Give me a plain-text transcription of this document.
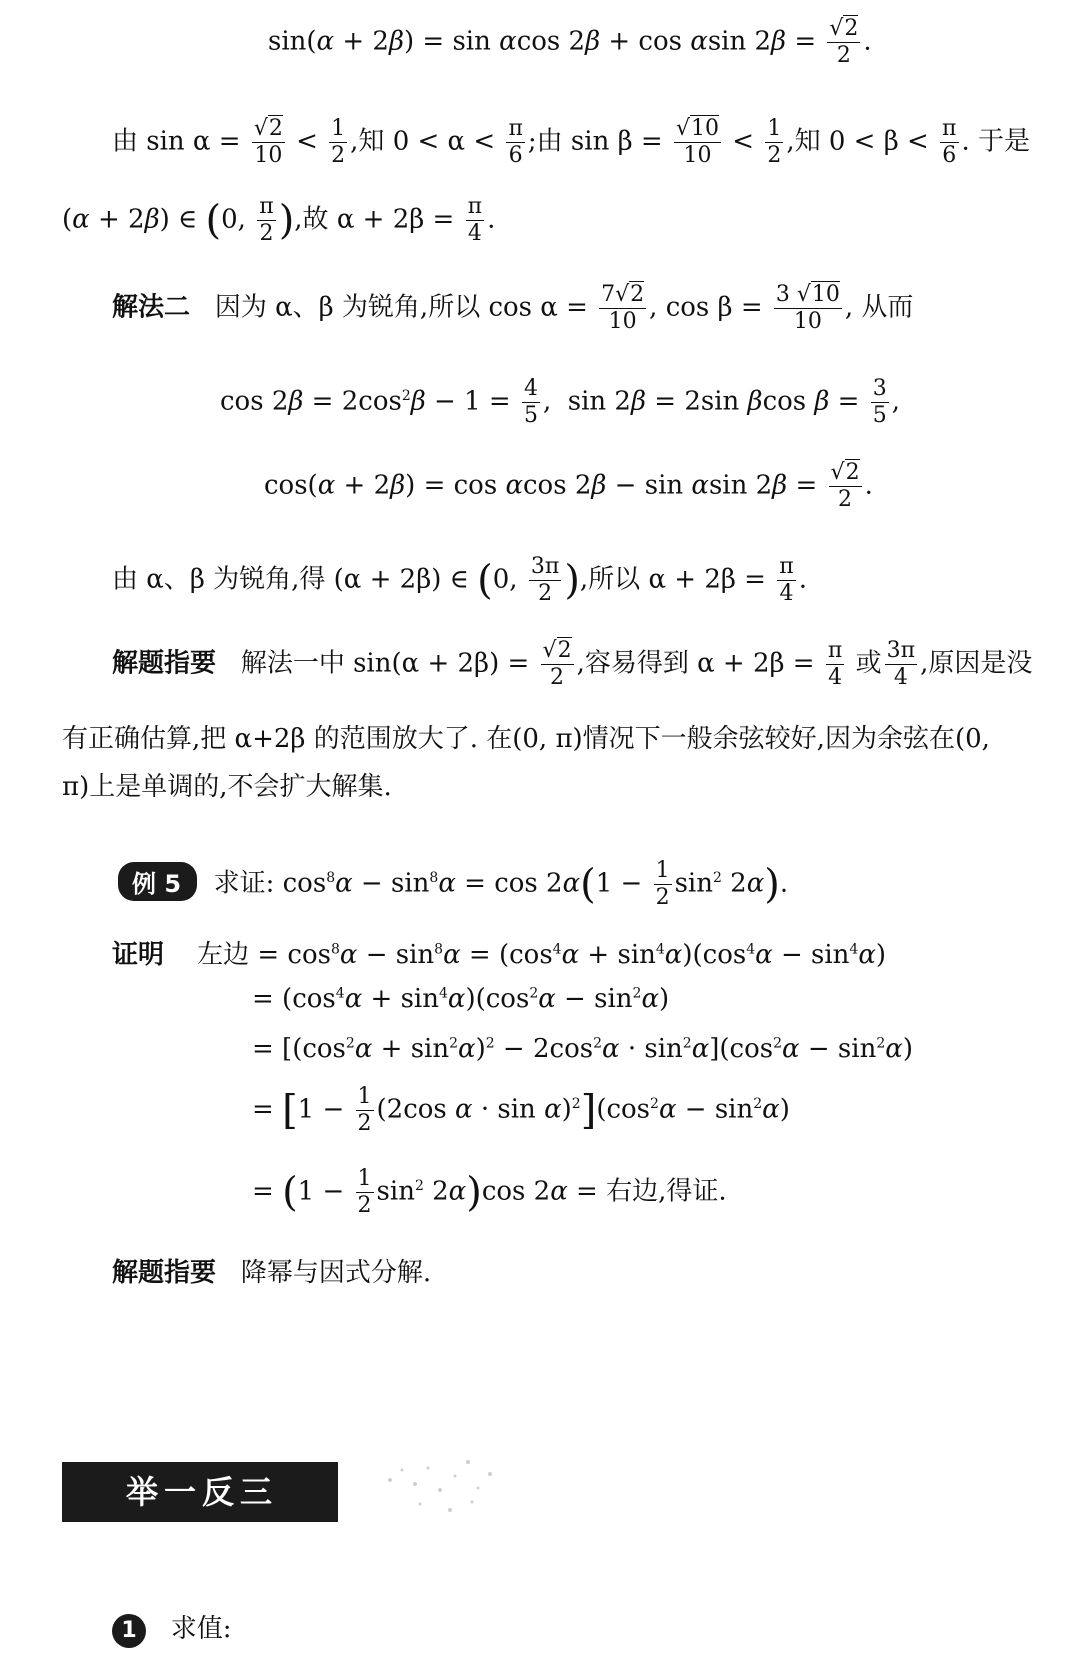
sin(α + 2β) = sin αcos 2β + cos αsin $2\beta = \frac{√2}{2}$ .
由 $\sin \alpha = \frac{√2}{10} < \frac{1}{2}$ ,知 $0 < \alpha < \frac{\pi}{6}$ ;由 $\sin \beta = \frac{√10}{10} < \frac{1}{2}$ ,知 $0 < \beta < \frac{\pi}{6}$ . 于是
(α + 2β) ∈ (0, $\frac{\pi}{2}$ ),故 $\alpha + 2\beta = \frac{\pi}{4}$ .
解法二 因为 α、β 为锐角,所以 $\cos \alpha = \frac{7√2}{10}$ , $\cos \beta = \frac{3 √10}{10}$ , 从而
$\cos 2\beta = 2\cos^2\beta - 1 = \frac{4}{5}$ ,  sin 2β = 2sin βcos $\beta = \frac{3}{5}$ ,
cos(α + 2β) = cos αcos 2β − sin αsin $2\beta = \frac{√2}{2}$ .
由 α、β 为锐角,得 (α + 2β) ∈ (0, $\frac{3\pi}{2}$ ),所以 $\alpha + 2\beta = \frac{\pi}{4}$ .
解题指要 解法一中 $\sin(\alpha + 2\beta) = \frac{√2}{2}$ ,容易得到 $\alpha + 2\beta = \frac{\pi}{4}$ 或 $\frac{3\pi}{4}$ ,原因是没
有正确估算,把 α+2β 的范围放大了. 在(0, π)情况下一般余弦较好,因为余弦在(0,
π)上是单调的,不会扩大解集.
例 5 求证: $\cos^8\alpha - \sin^8\alpha = \cos 2\alpha(1 - \frac{1}{2} \sin^2 2\alpha)$.
证明 左边 = $\cos^8\alpha - \sin^8\alpha = (\cos^4\alpha + \sin^4\alpha)(\cos^4\alpha - \sin^4\alpha)$
= $(\cos^4\alpha + \sin^4\alpha)(\cos^2\alpha - \sin^2\alpha)$
= $[(\cos^2\alpha + \sin^2\alpha)^2 - 2\cos^2\alpha \cdot \sin^2\alpha](\cos^2\alpha - \sin^2\alpha)$
= [$1 - \frac{1}{2} (2\cos$ $\alpha \cdot \sin \alpha)^2](\cos^2\alpha - \sin^2\alpha)$
= $(1 - \frac{1}{2} \sin^2 2\alpha)\cos$ 2α = 右边,得证.
解题指要 降幂与因式分解.
举一反三
1 求值:
